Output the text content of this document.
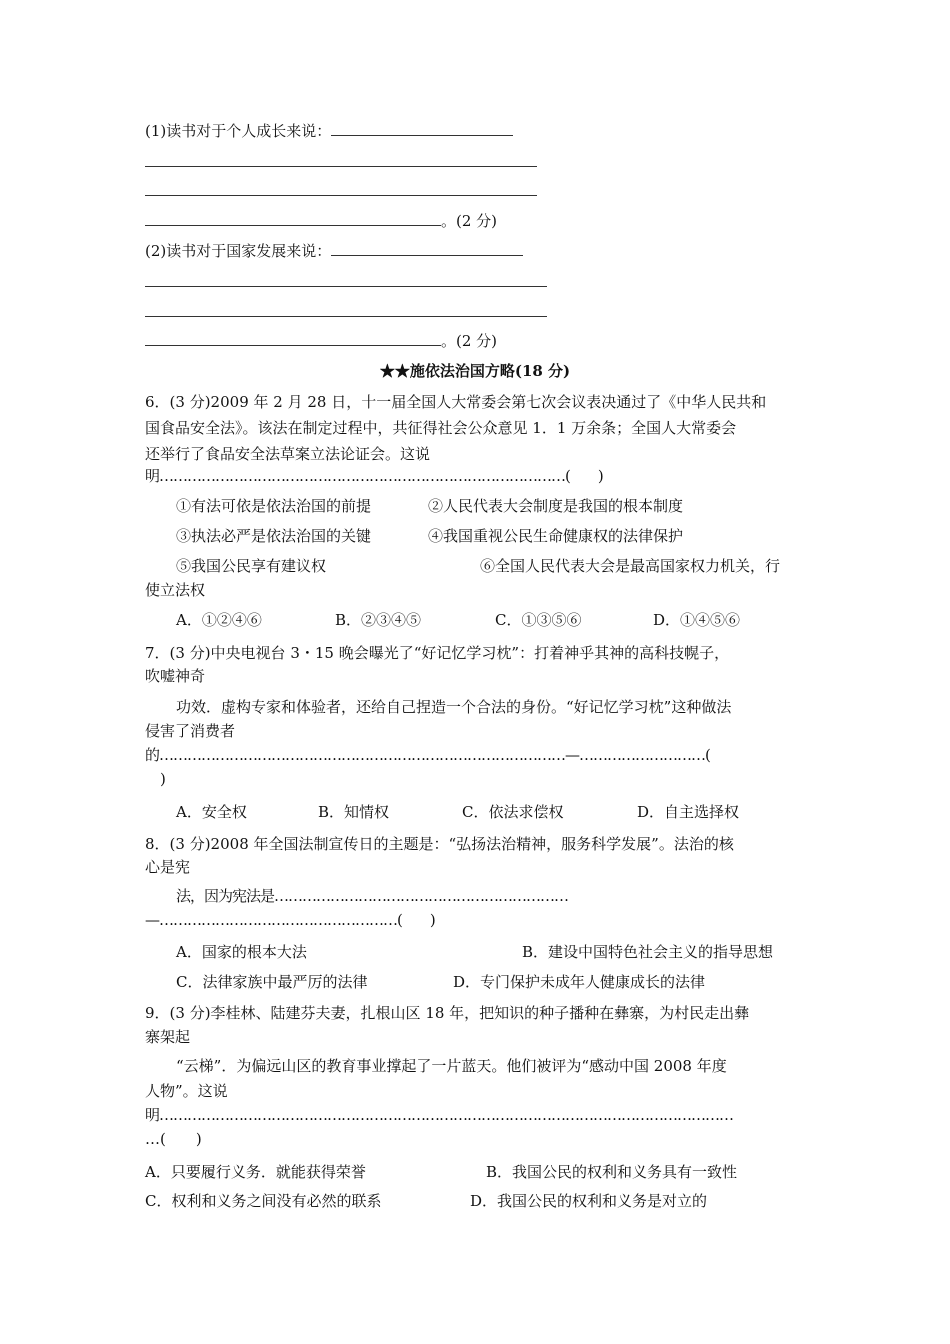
(1)读书对于个人成长来说：
。(2 分)
(2)读书对于国家发展来说：
。(2 分)
★★施依法治国方略(18 分)
6．(3 分)2009 年 2 月 28 日，十一届全国人大常委会第七次会议表决通过了《中华人民共和
国食品安全法》。该法在制定过程中，共征得社会公众意见 1．1 万余条；全国人大常委会
还举行了食品安全法草案立法论证会。这说
明……………………………………………………………………………(　　)
①有法可依是依法治国的前提	②人民代表大会制度是我国的根本制度
③执法必严是依法治国的关键	④我国重视公民生命健康权的法律保护
⑤我国公民享有建议权	⑥全国人民代表大会是最高国家权力机关，行
使立法权
A．①②④⑥	B．②③④⑤	C．①③⑤⑥	D．①④⑤⑥
7．(3 分)中央电视台 3・15 晚会曝光了“好记忆学习枕”：打着神乎其神的高科技幌子，
吹嘘神奇
功效．虚构专家和体验者，还给自己捏造一个合法的身份。“好记忆学习枕”这种做法
侵害了消费者
的……………………………………………………………………………—………………………(
)
A．安全权	B．知情权	C．依法求偿权	D．自主选择权
8．(3 分)2008 年全国法制宣传日的主题是：“弘扬法治精神，服务科学发展”。法治的核
心是宪
法，因为宪法是………………………………………………………
—……………………………………………(　　)
A．国家的根本大法	B．建设中国特色社会主义的指导思想
C．法律家族中最严厉的法律	D．专门保护未成年人健康成长的法律
9．(3 分)李桂林、陆建芬夫妻，扎根山区 18 年，把知识的种子播种在彝寨，为村民走出彝
寨架起
“云梯”．为偏远山区的教育事业撑起了一片蓝天。他们被评为“感动中国 2008 年度
人物”。这说
明……………………………………………………………………………………………………………
…(　　)
A．只要履行义务．就能获得荣誉	B．我国公民的权利和义务具有一致性
C．权利和义务之间没有必然的联系	D．我国公民的权利和义务是对立的
